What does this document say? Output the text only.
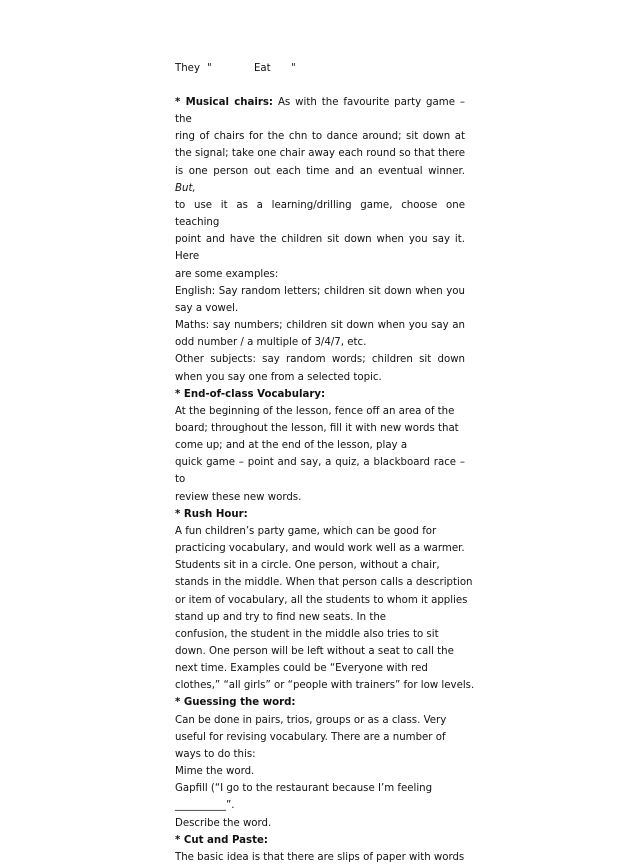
They "	Eat "
* Musical chairs: As with the favourite party game – the
ring of chairs for the chn to dance around; sit down at
the signal; take one chair away each round so that there
is one person out each time and an eventual winner. But,
to use it as a learning/drilling game, choose one teaching
point and have the children sit down when you say it. Here
are some examples:
English: Say random letters; children sit down when you
say a vowel.
Maths: say numbers; children sit down when you say an
odd number / a multiple of 3/4/7, etc.
Other subjects: say random words; children sit down
when you say one from a selected topic.
* End-of-class Vocabulary:
At the beginning of the lesson, fence off an area of the
board; throughout the lesson, fill it with new words that
come up; and at the end of the lesson, play a
quick game – point and say, a quiz, a blackboard race – to
review these new words.
* Rush Hour:
A fun children’s party game, which can be good for
practicing vocabulary, and would work well as a warmer.
Students sit in a circle. One person, without a chair,
stands in the middle. When that person calls a description
or item of vocabulary, all the students to whom it applies
stand up and try to find new seats. In the
confusion, the student in the middle also tries to sit
down. One person will be left without a seat to call the
next time. Examples could be “Everyone with red
clothes,” “all girls” or “people with trainers” for low levels.
* Guessing the word:
Can be done in pairs, trios, groups or as a class. Very
useful for revising vocabulary. There are a number of
ways to do this:
Mime the word.
Gapfill (“I go to the restaurant because I’m feeling
__________”.
Describe the word.
* Cut and Paste:
The basic idea is that there are slips of paper with words
